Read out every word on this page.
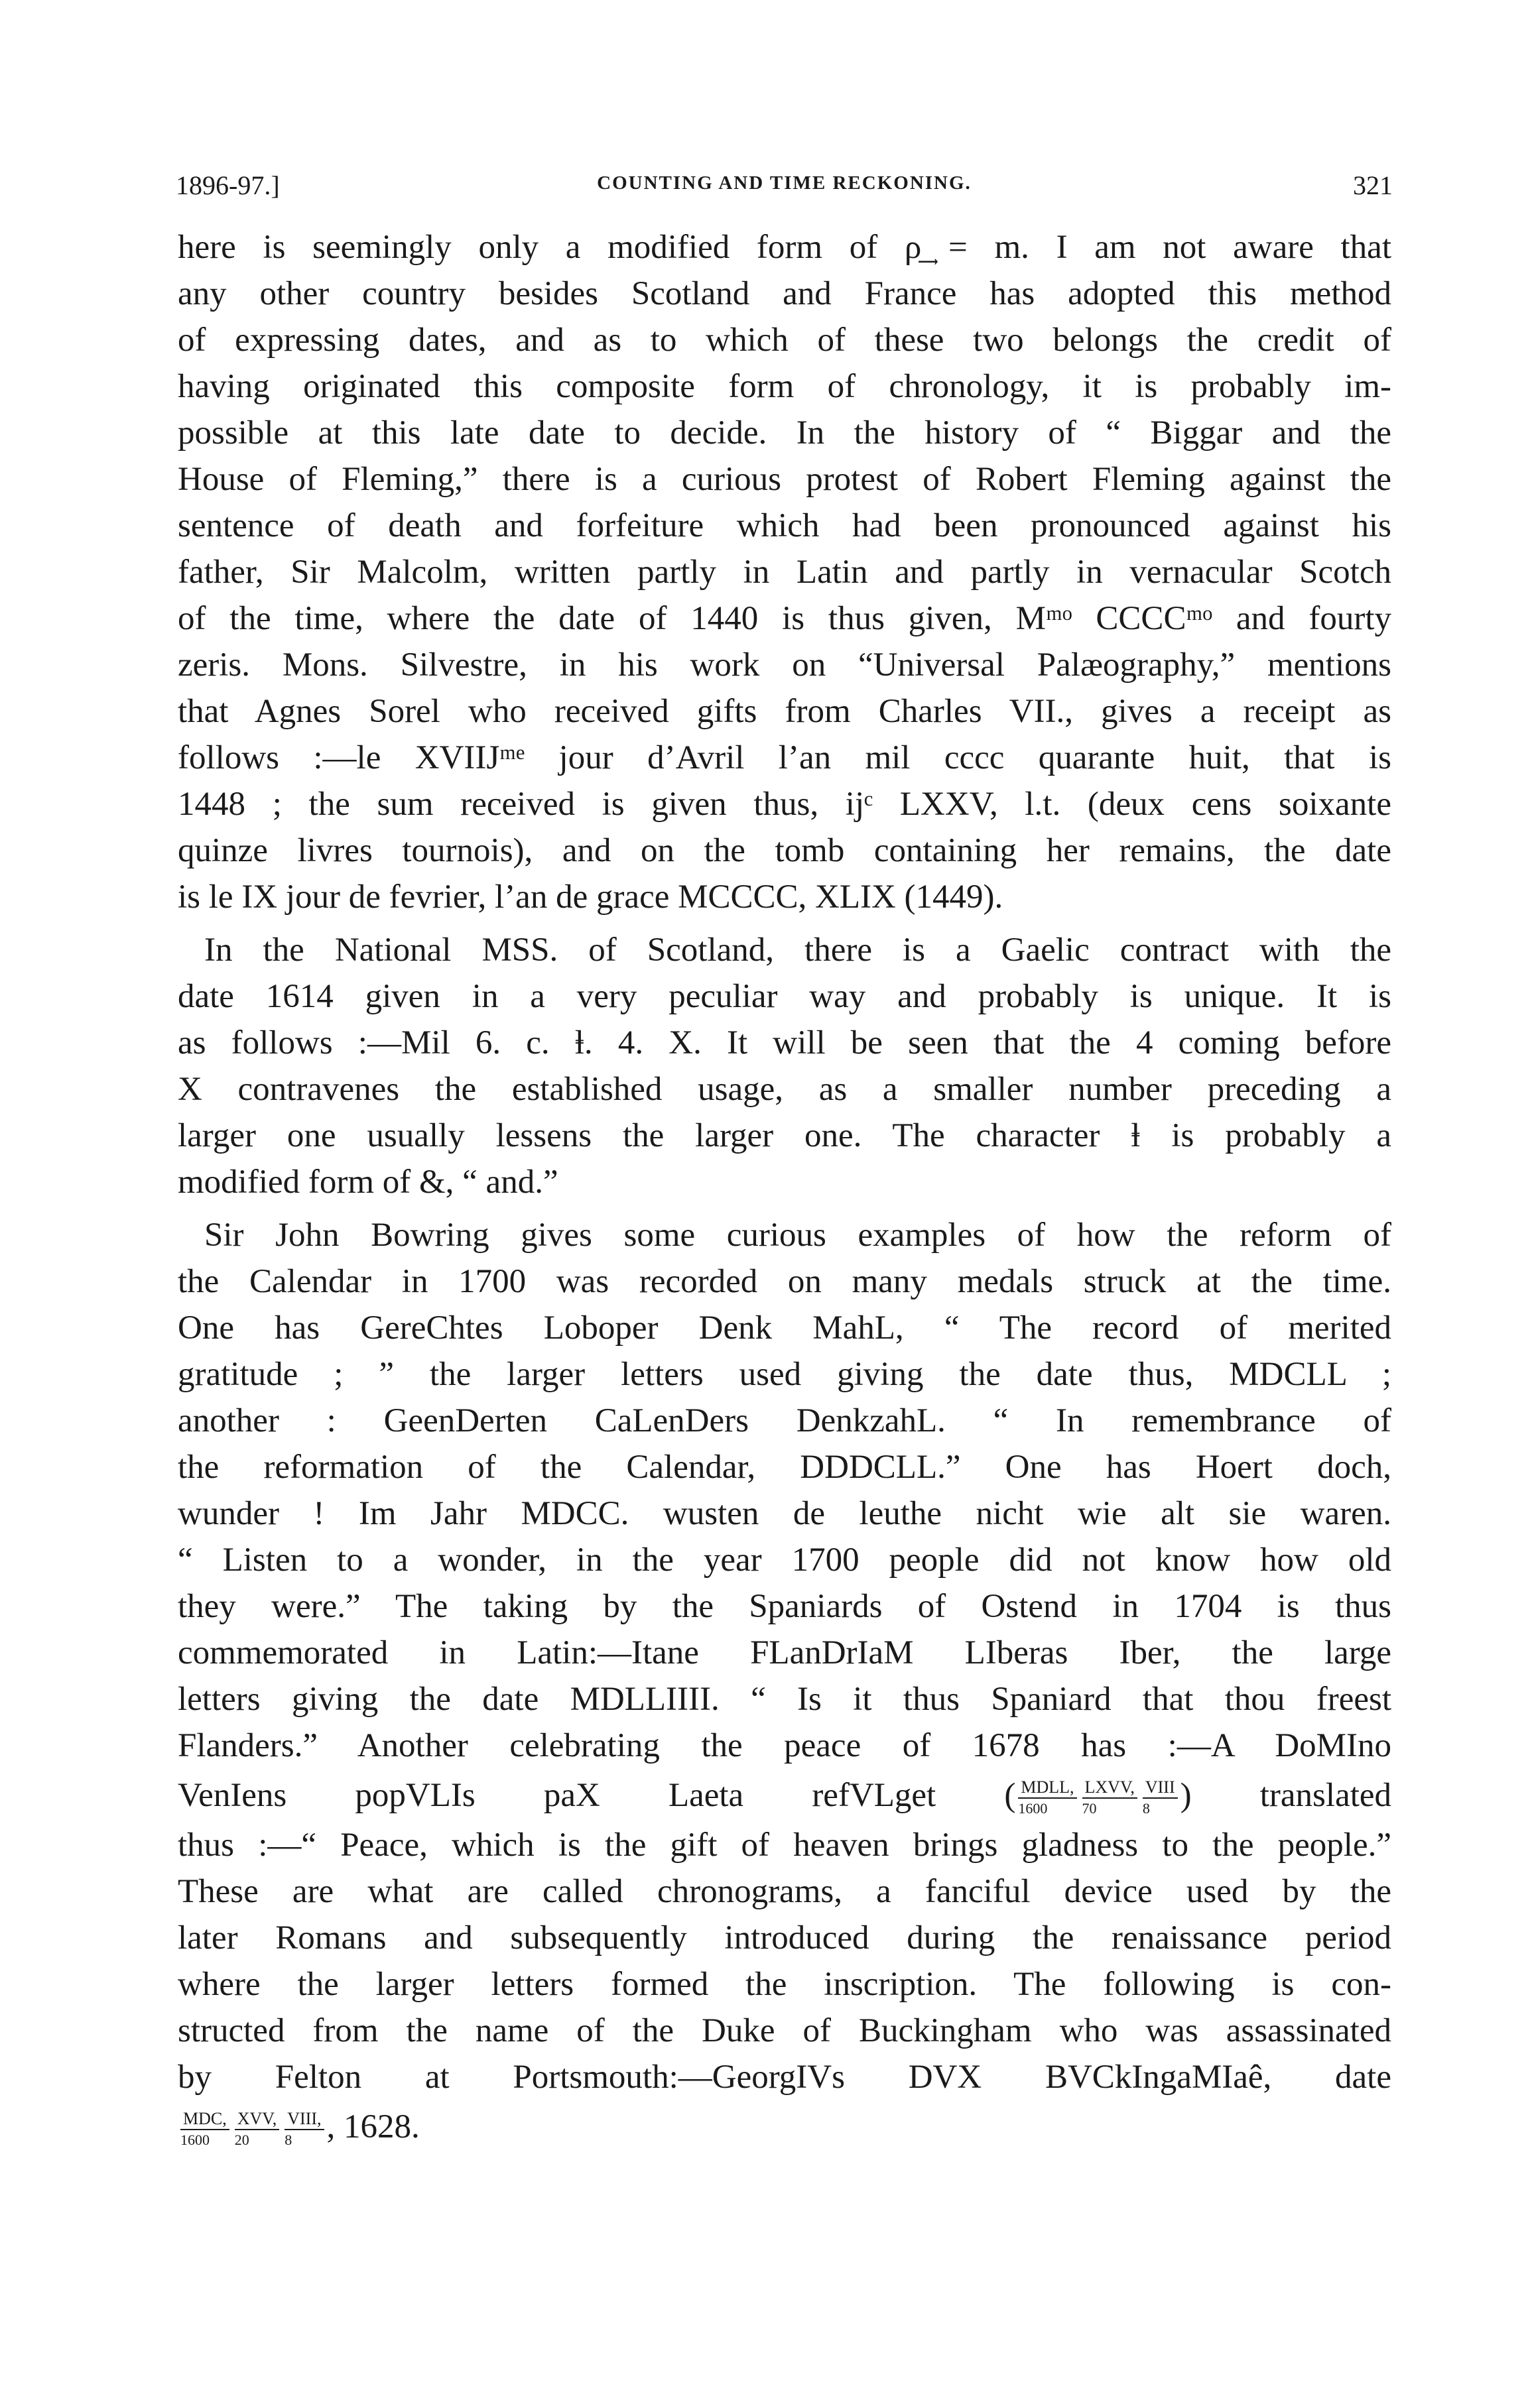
1896-97.]	COUNTING AND TIME RECKONING.	321

here is seemingly only a modified form of ρ͢ = m. I am not aware that
any other country besides Scotland and France has adopted this method
of expressing dates, and as to which of these two belongs the credit of
having originated this composite form of chronology, it is probably im-
possible at this late date to decide. In the history of “ Biggar and the
House of Fleming,” there is a curious protest of Robert Fleming against the
sentence of death and forfeiture which had been pronounced against his
father, Sir Malcolm, written partly in Latin and partly in vernacular Scotch
of the time, where the date of 1440 is thus given, Mᵐᵒ CCCCᵐᵒ and fourty
zeris. Mons. Silvestre, in his work on “Universal Palæography,” mentions
that Agnes Sorel who received gifts from Charles VII., gives a receipt as
follows :—le XVIIJᵐᵉ jour d’Avril l’an mil cccc quarante huit, that is
1448 ; the sum received is given thus, ijᶜ LXXV, l.t. (deux cens soixante
quinze livres tournois), and on the tomb containing her remains, the date
is le IX jour de fevrier, l’an de grace MCCCC, XLIX (1449).

In the National MSS. of Scotland, there is a Gaelic contract with the
date 1614 given in a very peculiar way and probably is unique. It is
as follows :—Mil 6. c. ⱡ. 4. X. It will be seen that the 4 coming before
X contravenes the established usage, as a smaller number preceding a
larger one usually lessens the larger one. The character ⱡ is probably a
modified form of &, “ and.”

Sir John Bowring gives some curious examples of how the reform of
the Calendar in 1700 was recorded on many medals struck at the time.
One has GereChtes Loboper Denk MahL, “ The record of merited
gratitude ; ” the larger letters used giving the date thus, MDCLL ;
another : GeenDerten CaLenDers DenkzahL. “ In remembrance of
the reformation of the Calendar, DDDCLL.” One has Hoert doch,
wunder ! Im Jahr MDCC. wusten de leuthe nicht wie alt sie waren.
“ Listen to a wonder, in the year 1700 people did not know how old
they were.” The taking by the Spaniards of Ostend in 1704 is thus
commemorated in Latin:—Itane FLanDrIaM LIberas Iber, the large
letters giving the date MDLLIIII. “ Is it thus Spaniard that thou freest
Flanders.” Another celebrating the peace of 1678 has :—A DoMIno
VenIens popVLIs paX Laeta refVLget ( $\frac{\text{MDLL,}}{1600} \frac{\text{LXVV,}}{70} \frac{\text{VIII}}{8}$ ) translated
thus :—“ Peace, which is the gift of heaven brings gladness to the people.”
These are what are called chronograms, a fanciful device used by the
later Romans and subsequently introduced during the renaissance period
where the larger letters formed the inscription. The following is con-
structed from the name of the Duke of Buckingham who was assassinated
by Felton at Portsmouth:—GeorgIVs DVX BVCkIngaMIaê, date
$\frac{\text{MDC,}}{1600} \frac{\text{XVV,}}{20} \frac{\text{VIII,}}{8}$ , 1628.
